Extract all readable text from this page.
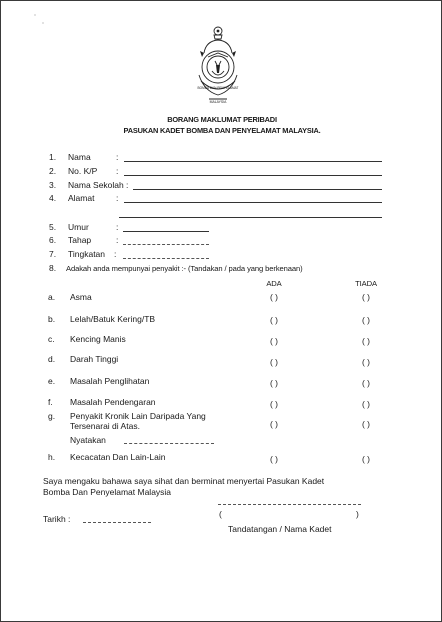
BOMBA DAN PENYELAMAT
MALAYSIA
BORANG MAKLUMAT PERIBADI
PASUKAN KADET BOMBA DAN PENYELAMAT MALAYSIA.
1. Nama	:
2. No. K/P :
3. Nama Sekolah :
4. Alamat	:
5. Umur	:
6. Tahap	:
7. Tingkatan :
8. Adakah anda mempunyai penyakit :- (Tandakan / pada yang berkenaan)
ADA	TIADA
a. Asma	( )	( )
b. Lelah/Batuk Kering/TB	( )	( )
c. Kencing Manis	( )	( )
d. Darah Tinggi	( )	( )
e. Masalah Penglihatan	( )	( )
f. Masalah Pendengaran	( )	( )
g. Penyakit Kronik Lain Daripada Yang
Tersenarai di Atas.	( )	( )
Nyatakan
h. Kecacatan Dan Lain-Lain	( )	( )
Saya mengaku bahawa saya sihat dan berminat menyertai Pasukan Kadet
Bomba Dan Penyelamat Malaysia
(	)
Tandatangan / Nama Kadet
Tarikh :
